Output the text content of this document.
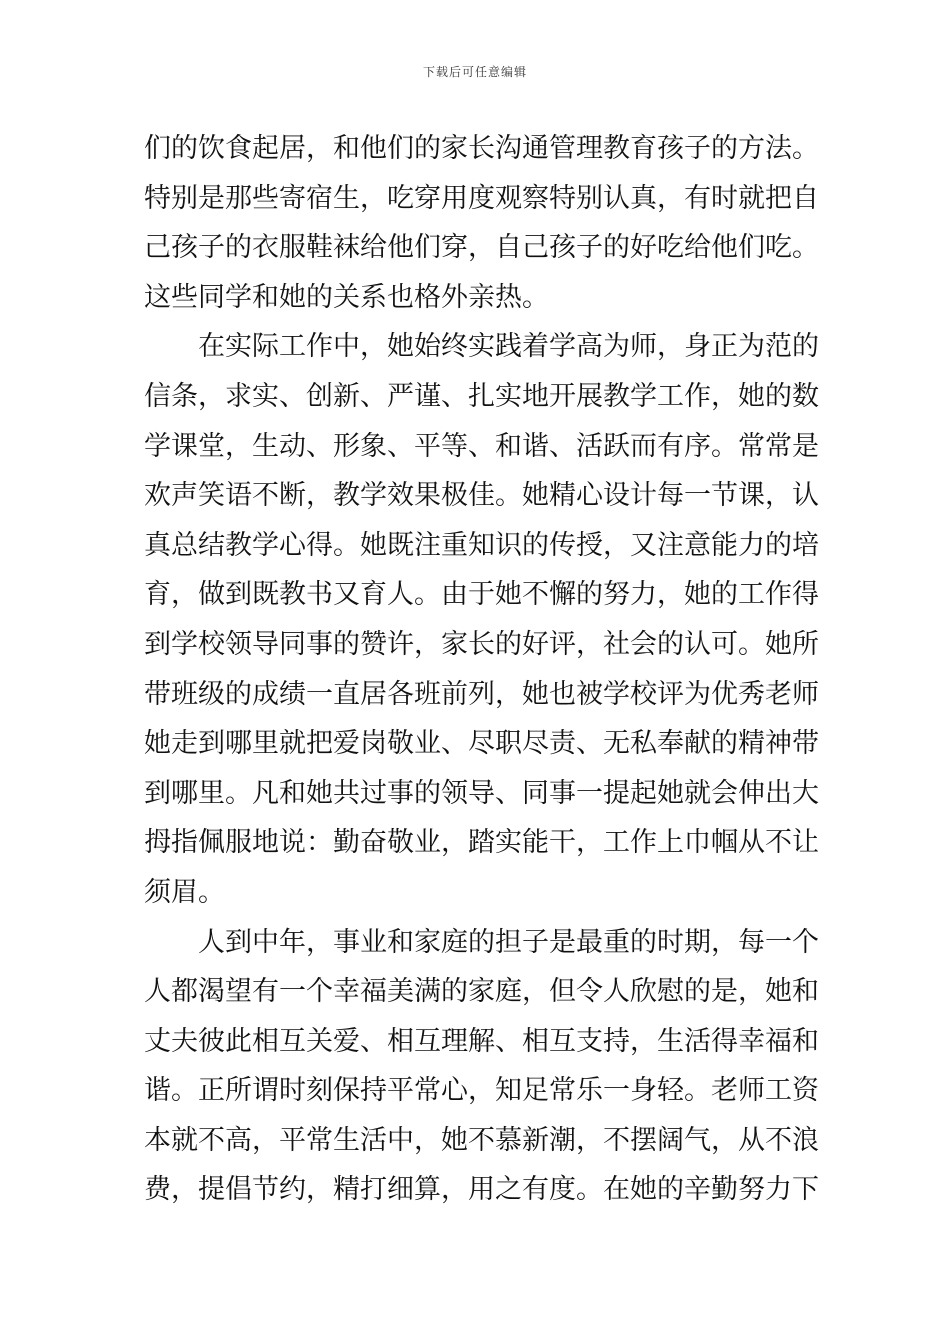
下载后可任意编辑
们的饮食起居，和他们的家长沟通管理教育孩子的方法。
特别是那些寄宿生，吃穿用度观察特别认真，有时就把自
己孩子的衣服鞋袜给他们穿，自己孩子的好吃给他们吃。
这些同学和她的关系也格外亲热。
在实际工作中，她始终实践着学高为师，身正为范的
信条，求实、创新、严谨、扎实地开展教学工作，她的数
学课堂，生动、形象、平等、和谐、活跃而有序。常常是
欢声笑语不断，教学效果极佳。她精心设计每一节课，认
真总结教学心得。她既注重知识的传授，又注意能力的培
育，做到既教书又育人。由于她不懈的努力，她的工作得
到学校领导同事的赞许，家长的好评，社会的认可。她所
带班级的成绩一直居各班前列，她也被学校评为优秀老师
她走到哪里就把爱岗敬业、尽职尽责、无私奉献的精神带
到哪里。凡和她共过事的领导、同事一提起她就会伸出大
拇指佩服地说：勤奋敬业，踏实能干，工作上巾帼从不让
须眉。
人到中年，事业和家庭的担子是最重的时期，每一个
人都渴望有一个幸福美满的家庭，但令人欣慰的是，她和
丈夫彼此相互关爱、相互理解、相互支持，生活得幸福和
谐。正所谓时刻保持平常心，知足常乐一身轻。老师工资
本就不高，平常生活中，她不慕新潮，不摆阔气，从不浪
费，提倡节约，精打细算，用之有度。在她的辛勤努力下
